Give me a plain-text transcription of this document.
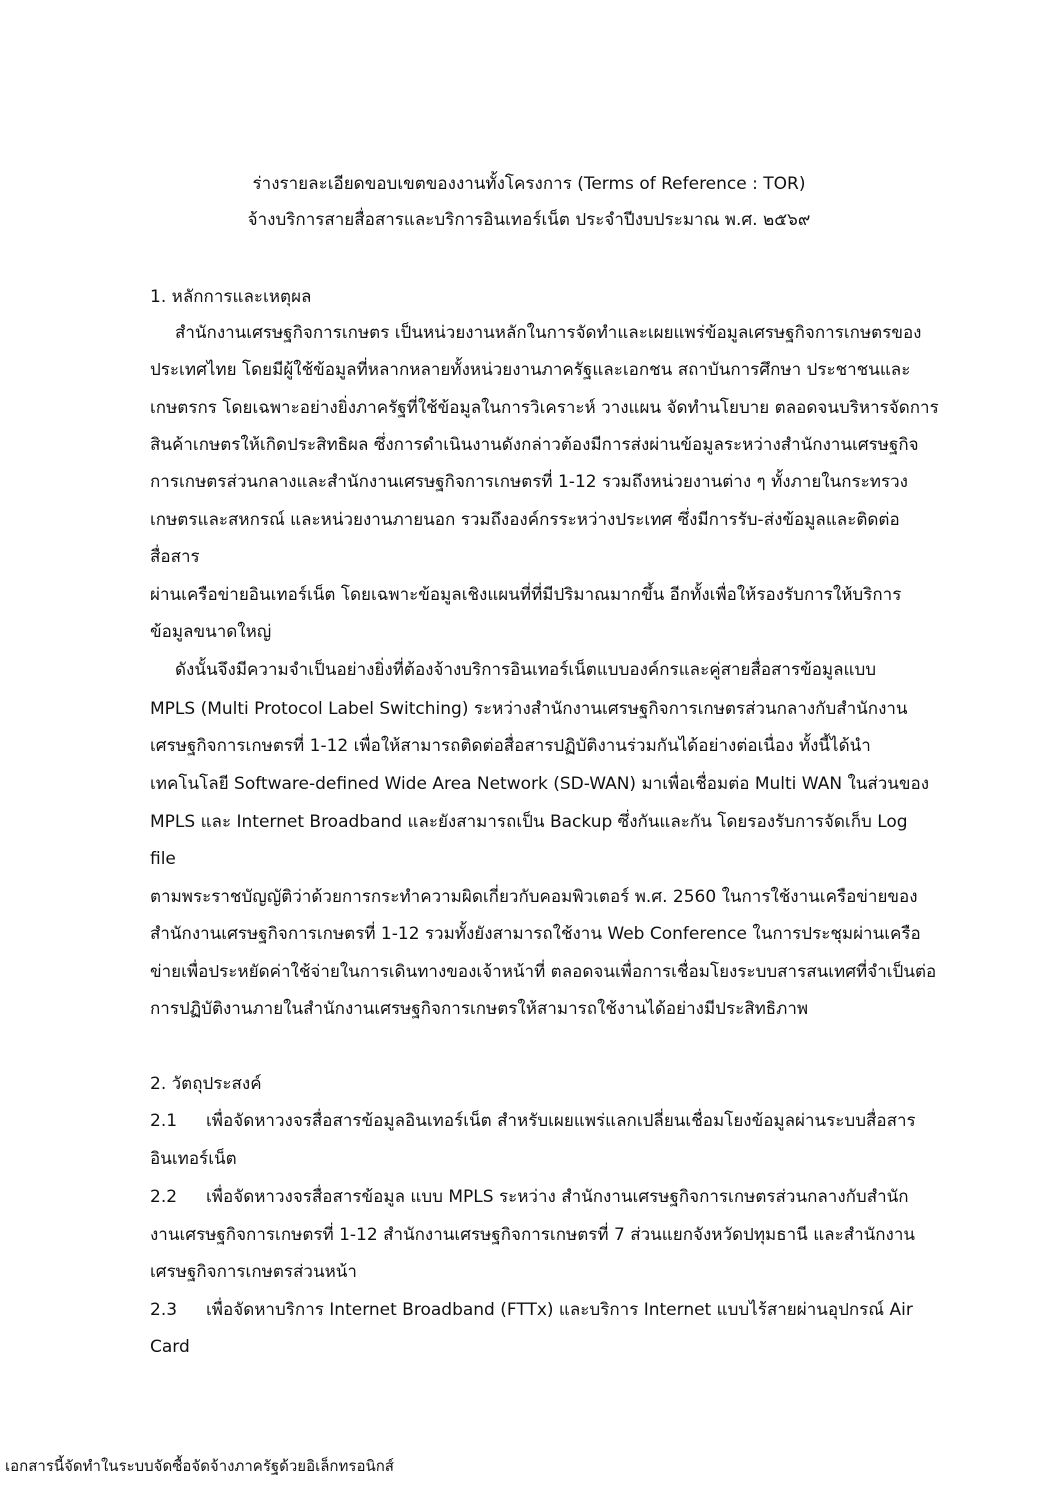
ร่างรายละเอียดขอบเขตของงานทั้งโครงการ (Terms of Reference : TOR)
จ้างบริการสายสื่อสารและบริการอินเทอร์เน็ต ประจำปีงบประมาณ พ.ศ. ๒๕๖๙
1. หลักการและเหตุผล
สำนักงานเศรษฐกิจการเกษตร เป็นหน่วยงานหลักในการจัดทำและเผยแพร่ข้อมูลเศรษฐกิจการเกษตรของ
ประเทศไทย โดยมีผู้ใช้ข้อมูลที่หลากหลายทั้งหน่วยงานภาครัฐและเอกชน สถาบันการศึกษา ประชาชนและ
เกษตรกร โดยเฉพาะอย่างยิ่งภาครัฐที่ใช้ข้อมูลในการวิเคราะห์ วางแผน จัดทำนโยบาย ตลอดจนบริหารจัดการ
สินค้าเกษตรให้เกิดประสิทธิผล ซึ่งการดำเนินงานดังกล่าวต้องมีการส่งผ่านข้อมูลระหว่างสำนักงานเศรษฐกิจ
การเกษตรส่วนกลางและสำนักงานเศรษฐกิจการเกษตรที่ 1-12 รวมถึงหน่วยงานต่าง ๆ ทั้งภายในกระทรวง
เกษตรและสหกรณ์ และหน่วยงานภายนอก รวมถึงองค์กรระหว่างประเทศ ซึ่งมีการรับ-ส่งข้อมูลและติดต่อ
สื่อสาร
ผ่านเครือข่ายอินเทอร์เน็ต โดยเฉพาะข้อมูลเชิงแผนที่ที่มีปริมาณมากขึ้น อีกทั้งเพื่อให้รองรับการให้บริการ
ข้อมูลขนาดใหญ่
ดังนั้นจึงมีความจำเป็นอย่างยิ่งที่ต้องจ้างบริการอินเทอร์เน็ตแบบองค์กรและคู่สายสื่อสารข้อมูลแบบ
MPLS (Multi Protocol Label Switching) ระหว่างสำนักงานเศรษฐกิจการเกษตรส่วนกลางกับสำนักงาน
เศรษฐกิจการเกษตรที่ 1-12 เพื่อให้สามารถติดต่อสื่อสารปฏิบัติงานร่วมกันได้อย่างต่อเนื่อง ทั้งนี้ได้นำ
เทคโนโลยี Software-defined Wide Area Network (SD-WAN) มาเพื่อเชื่อมต่อ Multi WAN ในส่วนของ
MPLS และ Internet Broadband และยังสามารถเป็น Backup ซึ่งกันและกัน โดยรองรับการจัดเก็บ Log
file
ตามพระราชบัญญัติว่าด้วยการกระทำความผิดเกี่ยวกับคอมพิวเตอร์ พ.ศ. 2560 ในการใช้งานเครือข่ายของ
สำนักงานเศรษฐกิจการเกษตรที่ 1-12 รวมทั้งยังสามารถใช้งาน Web Conference ในการประชุมผ่านเครือ
ข่ายเพื่อประหยัดค่าใช้จ่ายในการเดินทางของเจ้าหน้าที่ ตลอดจนเพื่อการเชื่อมโยงระบบสารสนเทศที่จำเป็นต่อ
การปฏิบัติงานภายในสำนักงานเศรษฐกิจการเกษตรให้สามารถใช้งานได้อย่างมีประสิทธิภาพ
2. วัตถุประสงค์
2.1 เพื่อจัดหาวงจรสื่อสารข้อมูลอินเทอร์เน็ต สำหรับเผยแพร่แลกเปลี่ยนเชื่อมโยงข้อมูลผ่านระบบสื่อสาร
อินเทอร์เน็ต
2.2 เพื่อจัดหาวงจรสื่อสารข้อมูล แบบ MPLS ระหว่าง สำนักงานเศรษฐกิจการเกษตรส่วนกลางกับสำนัก
งานเศรษฐกิจการเกษตรที่ 1-12 สำนักงานเศรษฐกิจการเกษตรที่ 7 ส่วนแยกจังหวัดปทุมธานี และสำนักงาน
เศรษฐกิจการเกษตรส่วนหน้า
2.3 เพื่อจัดหาบริการ Internet Broadband (FTTx) และบริการ Internet แบบไร้สายผ่านอุปกรณ์ Air
Card
เอกสารนี้จัดทำในระบบจัดซื้อจัดจ้างภาครัฐด้วยอิเล็กทรอนิกส์
